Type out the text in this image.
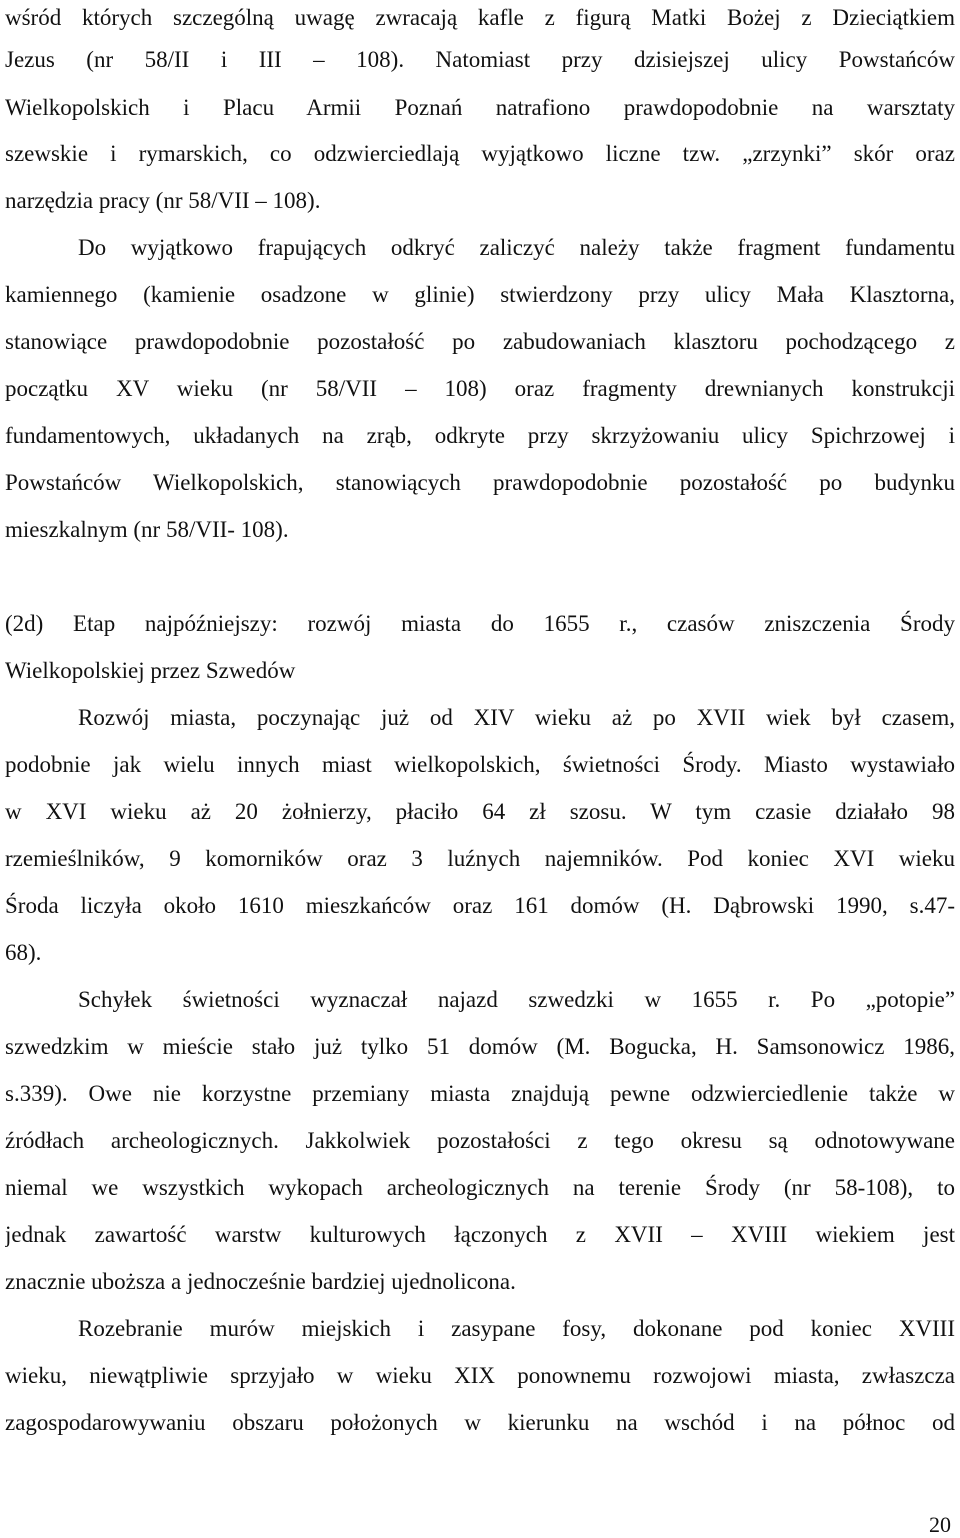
wśród których szczególną uwagę zwracają kafle z figurą Matki Bożej z Dzieciątkiem
Jezus (nr 58/II i III – 108). Natomiast przy dzisiejszej ulicy Powstańców
Wielkopolskich i Placu Armii Poznań natrafiono prawdopodobnie na warsztaty
szewskie i rymarskich, co odzwierciedlają wyjątkowo liczne tzw. „zrzynki” skór oraz
narzędzia pracy (nr 58/VII – 108).
Do wyjątkowo frapujących odkryć zaliczyć należy także fragment fundamentu
kamiennego (kamienie osadzone w glinie) stwierdzony przy ulicy Mała Klasztorna,
stanowiące prawdopodobnie pozostałość po zabudowaniach klasztoru pochodzącego z
początku XV wieku (nr 58/VII – 108) oraz fragmenty drewnianych konstrukcji
fundamentowych, układanych na zrąb, odkryte przy skrzyżowaniu ulicy Spichrzowej i
Powstańców Wielkopolskich, stanowiących prawdopodobnie pozostałość po budynku
mieszkalnym (nr 58/VII- 108).
(2d) Etap najpóźniejszy: rozwój miasta do 1655 r., czasów zniszczenia Środy
Wielkopolskiej przez Szwedów
Rozwój miasta, poczynając już od XIV wieku aż po XVII wiek był czasem,
podobnie jak wielu innych miast wielkopolskich, świetności Środy. Miasto wystawiało
w XVI wieku aż 20 żołnierzy, płaciło 64 zł szosu. W tym czasie działało 98
rzemieślników, 9 komorników oraz 3 luźnych najemników. Pod koniec XVI wieku
Środa liczyła około 1610 mieszkańców oraz 161 domów (H. Dąbrowski 1990, s.47-
68).
Schyłek świetności wyznaczał najazd szwedzki w 1655 r. Po „potopie”
szwedzkim w mieście stało już tylko 51 domów (M. Bogucka, H. Samsonowicz 1986,
s.339). Owe nie korzystne przemiany miasta znajdują pewne odzwierciedlenie także w
źródłach archeologicznych. Jakkolwiek pozostałości z tego okresu są odnotowywane
niemal we wszystkich wykopach archeologicznych na terenie Środy (nr 58-108), to
jednak zawartość warstw kulturowych łączonych z XVII – XVIII wiekiem jest
znacznie uboższa a jednocześnie bardziej ujednolicona.
Rozebranie murów miejskich i zasypane fosy, dokonane pod koniec XVIII
wieku, niewątpliwie sprzyjało w wieku XIX ponownemu rozwojowi miasta, zwłaszcza
zagospodarowywaniu obszaru położonych w kierunku na wschód i na północ od
20
